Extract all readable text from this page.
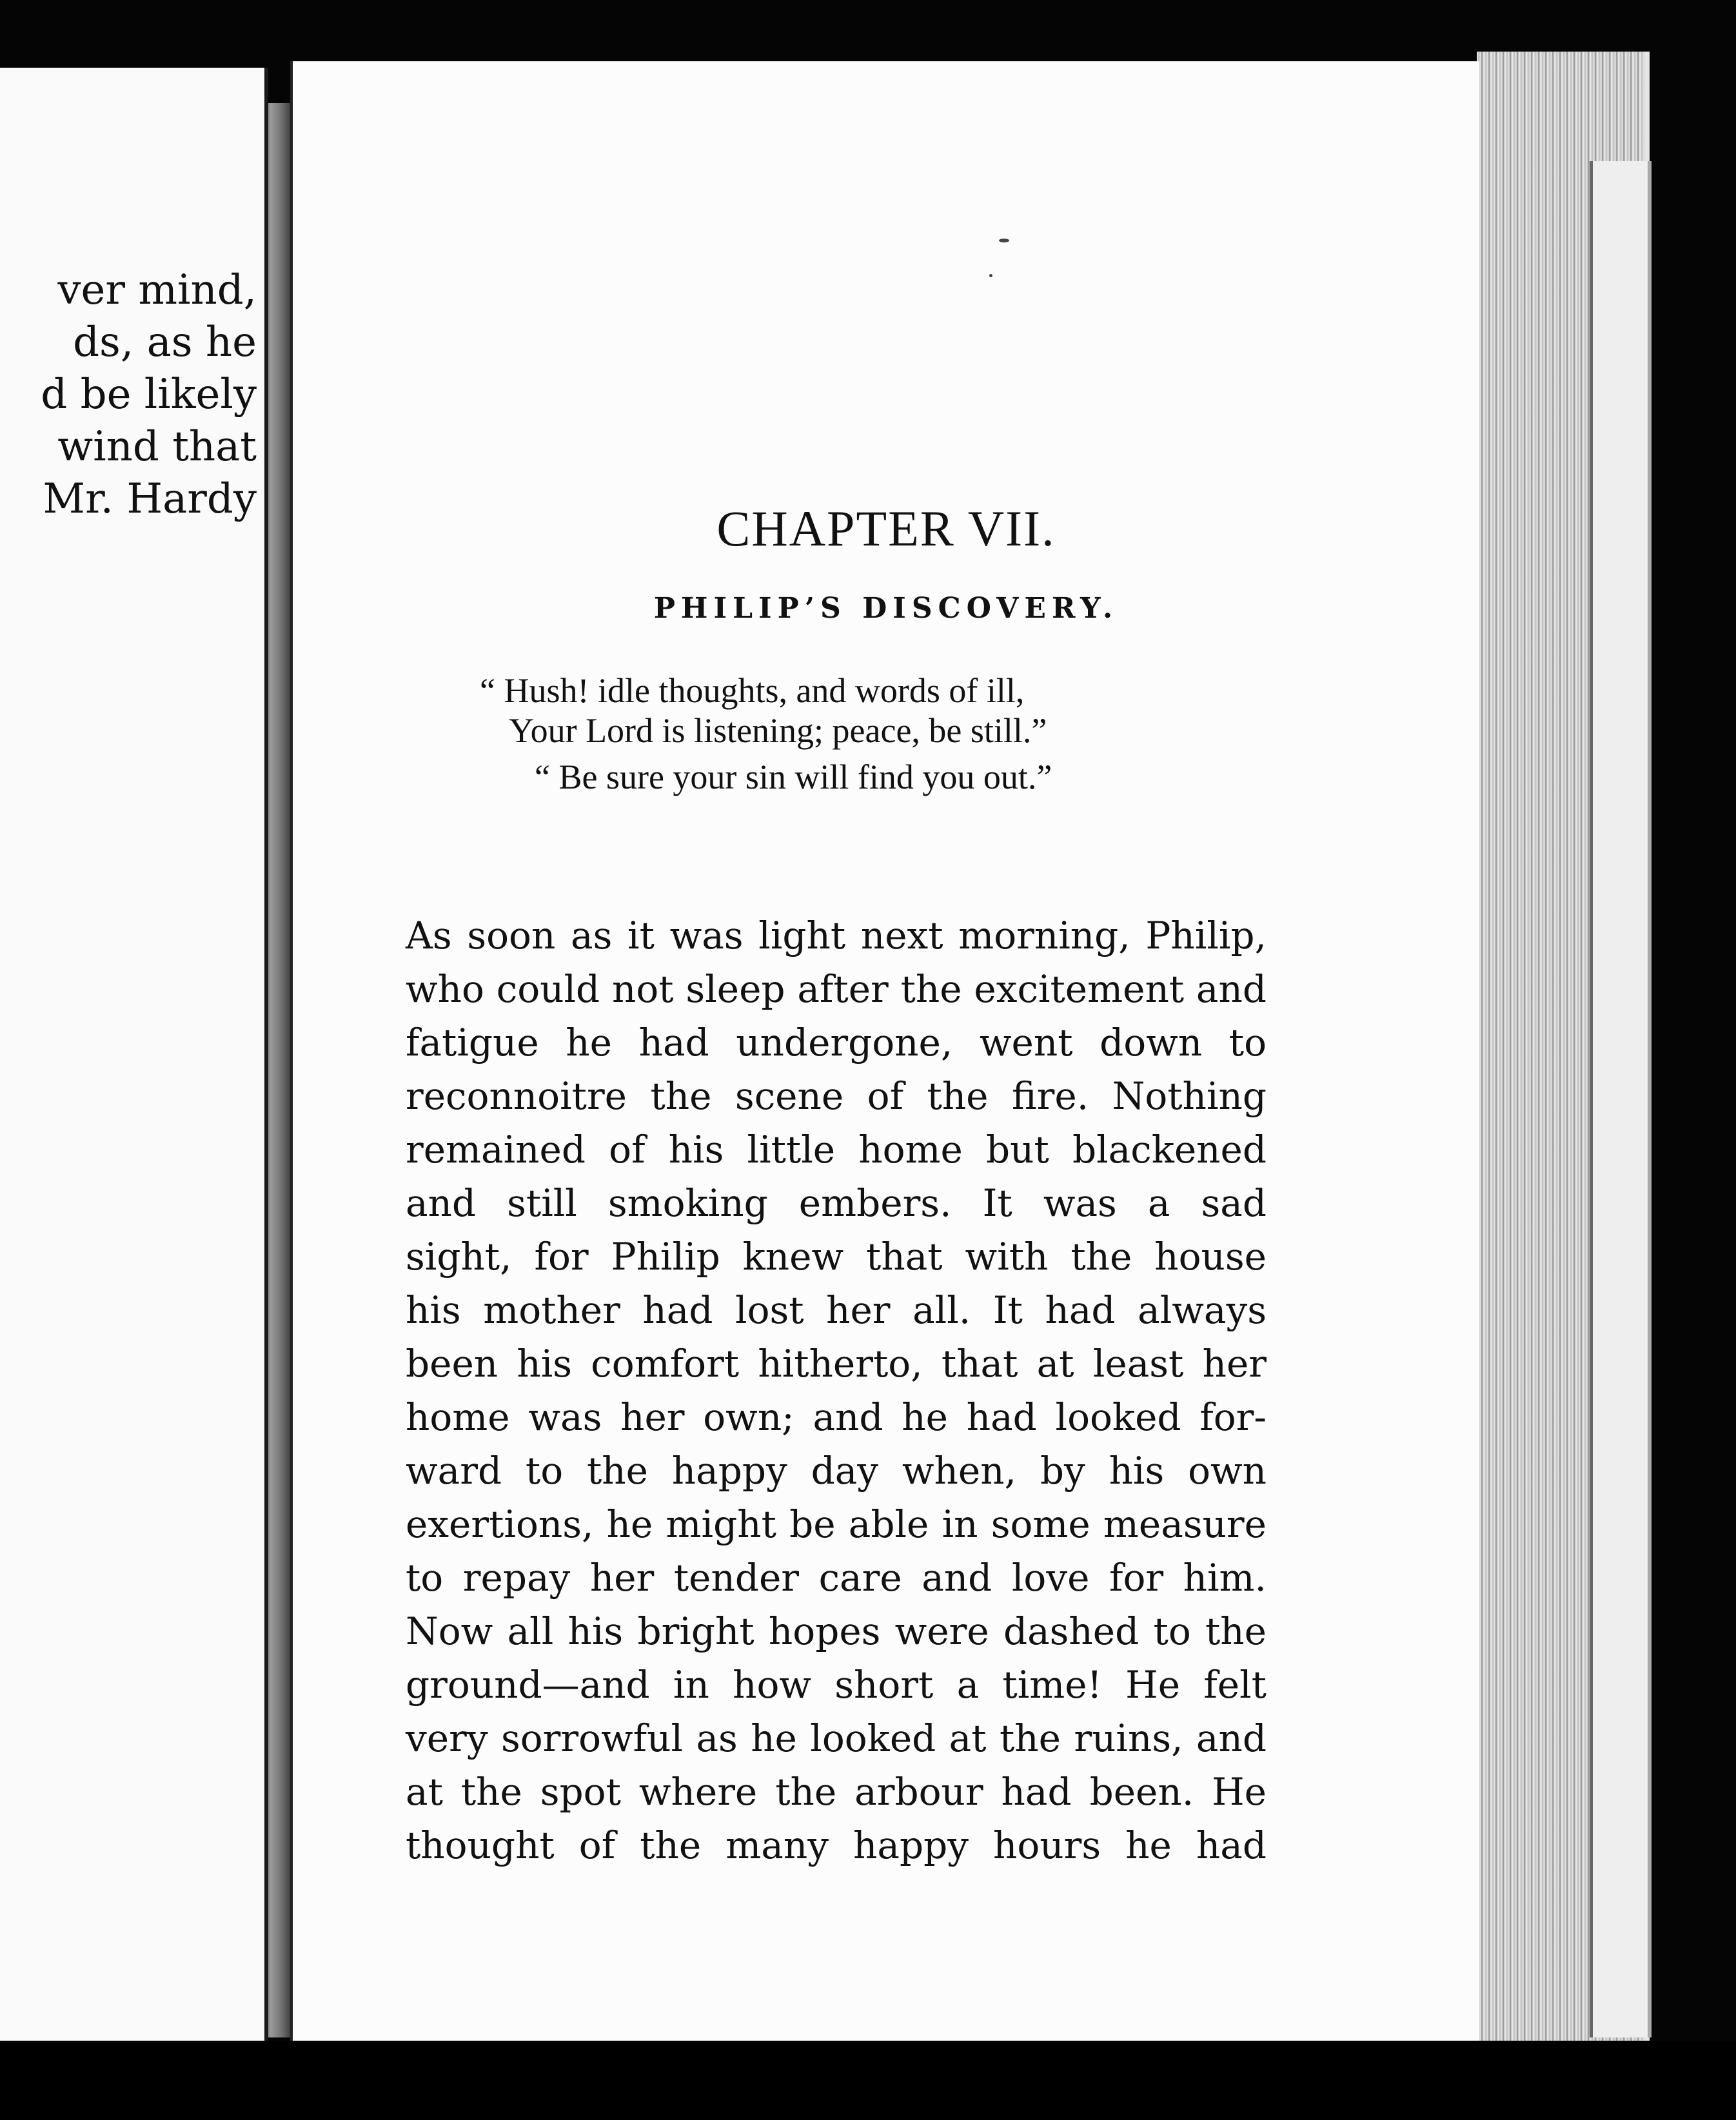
ver mind,
ds, as he
d be likely
wind that
Mr. Hardy
CHAPTER VII.
PHILIP’S DISCOVERY.
“ Hush! idle thoughts, and words of ill,
Your Lord is listening; peace, be still.”
“ Be sure your sin will find you out.”
As soon as it was light next morning, Philip,
who could not sleep after the excitement and
fatigue he had undergone, went down to
reconnoitre the scene of the fire. Nothing
remained of his little home but blackened
and still smoking embers. It was a sad
sight, for Philip knew that with the house
his mother had lost her all. It had always
been his comfort hitherto, that at least her
home was her own; and he had looked for-
ward to the happy day when, by his own
exertions, he might be able in some measure
to repay her tender care and love for him.
Now all his bright hopes were dashed to the
ground—and in how short a time! He felt
very sorrowful as he looked at the ruins, and
at the spot where the arbour had been. He
thought of the many happy hours he had
